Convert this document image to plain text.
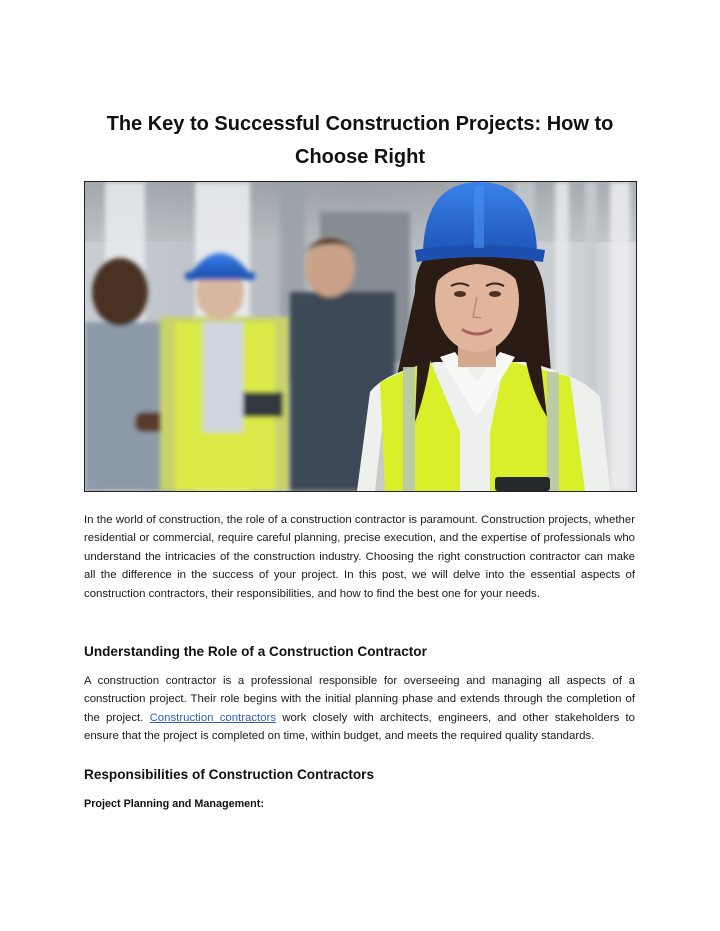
The Key to Successful Construction Projects: How to Choose Right

In the world of construction, the role of a construction contractor is paramount. Construction projects, whether residential or commercial, require careful planning, precise execution, and the expertise of professionals who understand the intricacies of the construction industry. Choosing the right construction contractor can make all the difference in the success of your project. In this post, we will delve into the essential aspects of construction contractors, their responsibilities, and how to find the best one for your needs.

Understanding the Role of a Construction Contractor

A construction contractor is a professional responsible for overseeing and managing all aspects of a construction project. Their role begins with the initial planning phase and extends through the completion of the project. Construction contractors work closely with architects, engineers, and other stakeholders to ensure that the project is completed on time, within budget, and meets the required quality standards.

Responsibilities of Construction Contractors
Project Planning and Management:
